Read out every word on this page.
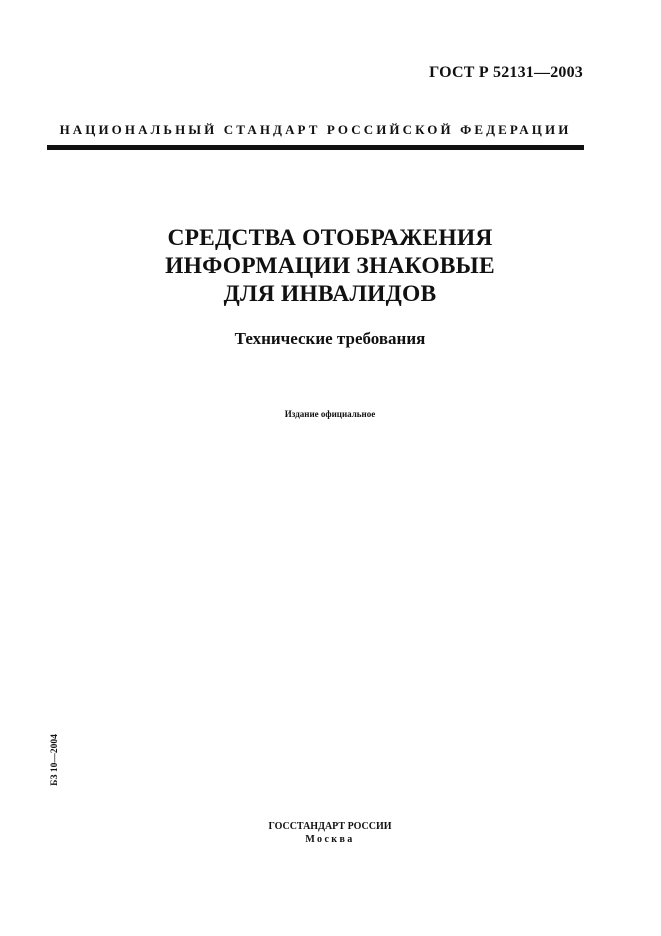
ГОСТ Р 52131—2003
НАЦИОНАЛЬНЫЙ СТАНДАРТ РОССИЙСКОЙ ФЕДЕРАЦИИ
СРЕДСТВА ОТОБРАЖЕНИЯ
ИНФОРМАЦИИ ЗНАКОВЫЕ
ДЛЯ ИНВАЛИДОВ
Технические требования
Издание официальное
БЗ 10—2004
ГОССТАНДАРТ РОССИИ
Москва
